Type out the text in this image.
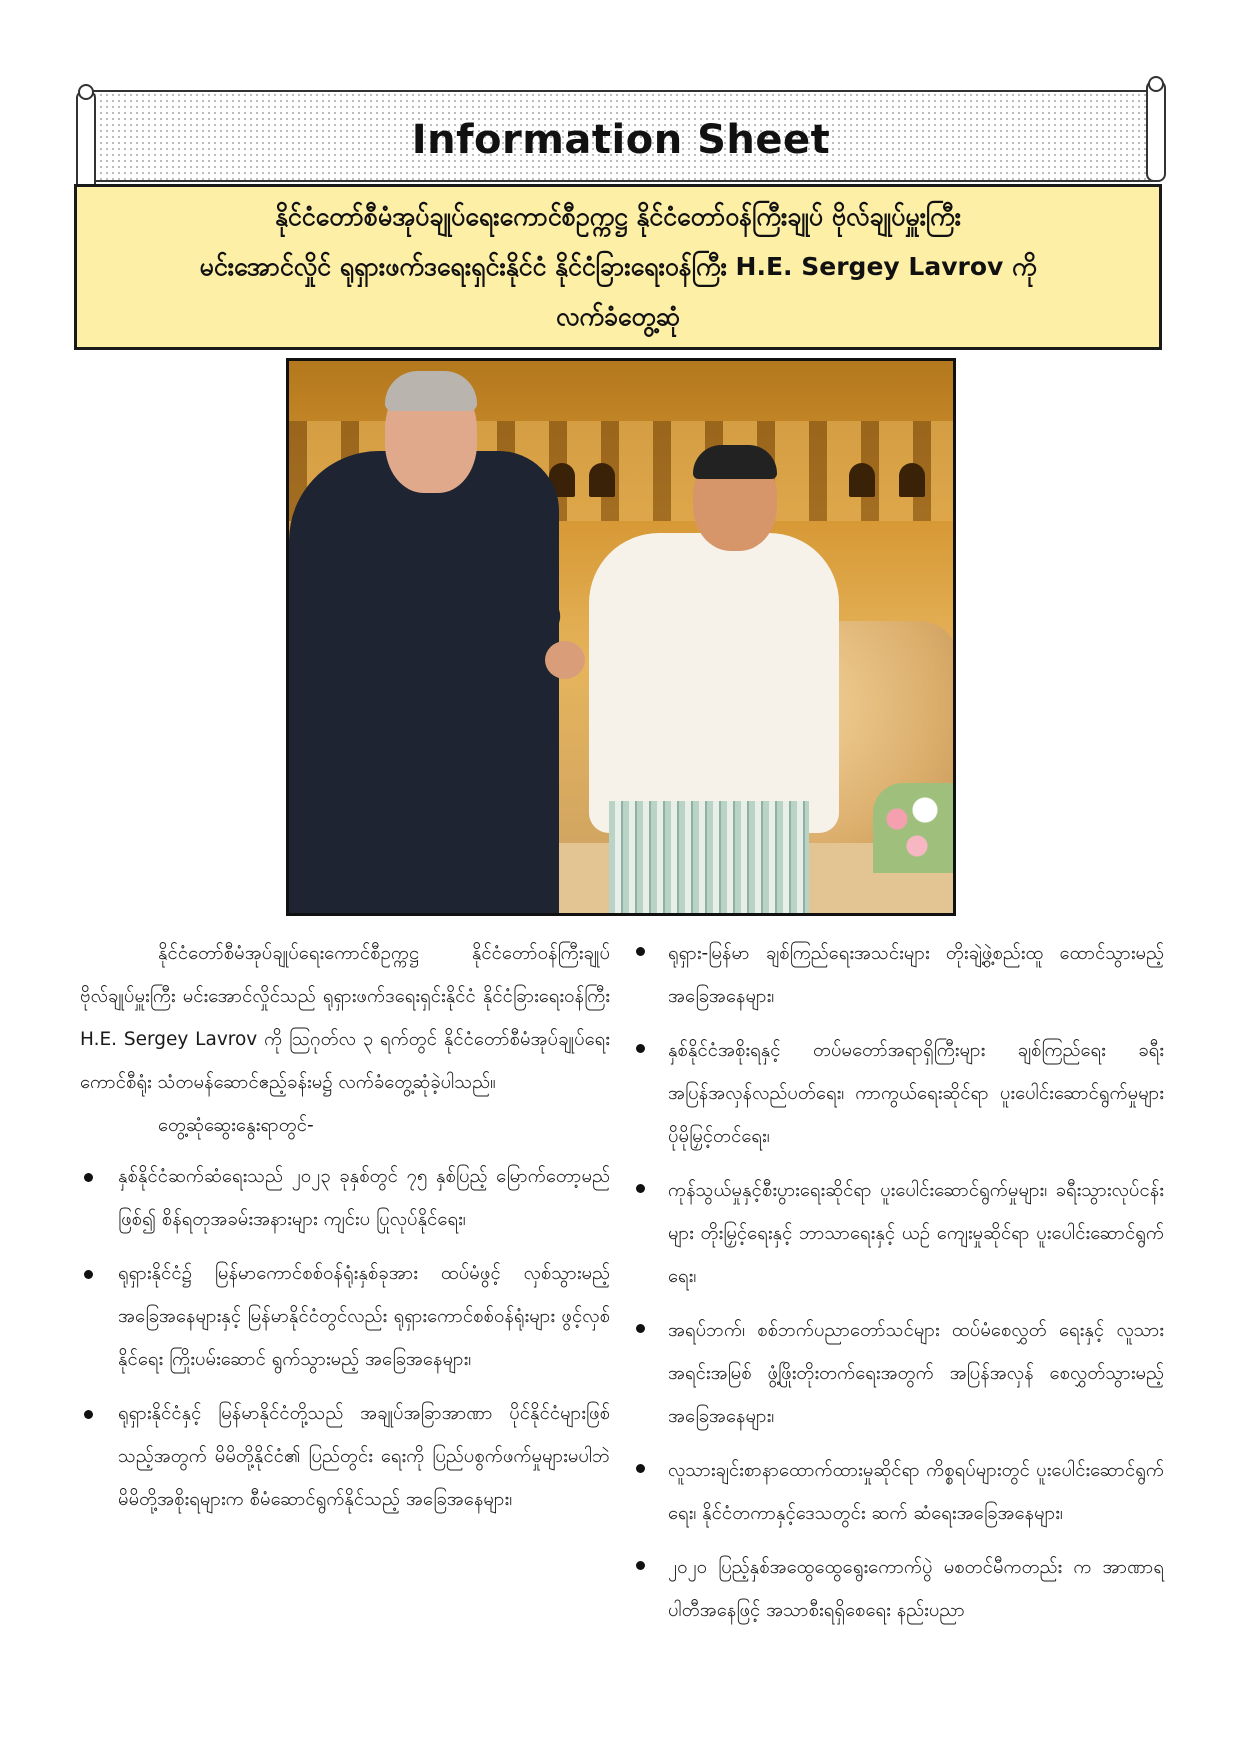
Information Sheet
နိုင်ငံတော်စီမံအုပ်ချုပ်ရေးကောင်စီဥက္ကဋ္ဌ နိုင်ငံတော်ဝန်ကြီးချုပ် ဗိုလ်ချုပ်မှူးကြီး
မင်းအောင်လှိုင် ရုရှားဖက်ဒရေးရှင်းနိုင်ငံ နိုင်ငံခြားရေးဝန်ကြီး H.E. Sergey Lavrov ကို
လက်ခံတွေ့ဆုံ

နိုင်ငံတော်စီမံအုပ်ချုပ်ရေးကောင်စီဥက္ကဋ္ဌ နိုင်ငံတော်ဝန်ကြီးချုပ် ဗိုလ်ချုပ်မှူးကြီး မင်းအောင်လှိုင်သည် ရုရှားဖက်ဒရေးရှင်းနိုင်ငံ နိုင်ငံခြားရေးဝန်ကြီး H.E. Sergey Lavrov ကို သြဂုတ်လ ၃ ရက်တွင် နိုင်ငံတော်စီမံအုပ်ချုပ်ရေးကောင်စီရုံး သံတမန်ဆောင်ဧည့်ခန်းမ၌ လက်ခံတွေ့ဆုံခဲ့ပါသည်။

တွေ့ဆုံဆွေးနွေးရာတွင်-

နှစ်နိုင်ငံဆက်ဆံရေးသည် ၂၀၂၃ ခုနှစ်တွင် ၇၅ နှစ်ပြည့် မြောက်တော့မည်ဖြစ်၍ စိန်ရတုအခမ်းအနားများ ကျင်းပ ပြုလုပ်နိုင်ရေး၊
ရုရှားနိုင်ငံ၌ မြန်မာကောင်စစ်ဝန်ရုံးနှစ်ခုအား ထပ်မံဖွင့် လှစ်သွားမည့်အခြေအနေများနှင့် မြန်မာနိုင်ငံတွင်လည်း ရုရှားကောင်စစ်ဝန်ရုံးများ ဖွင့်လှစ်နိုင်ရေး ကြိုးပမ်းဆောင် ရွက်သွားမည့် အခြေအနေများ၊
ရုရှားနိုင်ငံနှင့် မြန်မာနိုင်ငံတို့သည် အချုပ်အခြာအာဏာ ပိုင်နိုင်ငံများဖြစ်သည့်အတွက် မိမိတို့နိုင်ငံ၏ ပြည်တွင်း ရေးကို ပြည်ပစွက်ဖက်မှုများမပါဘဲ မိမိတို့အစိုးရများက စီမံဆောင်ရွက်နိုင်သည့် အခြေအနေများ၊
ရုရှား-မြန်မာ ချစ်ကြည်ရေးအသင်းများ တိုးချဲ့ဖွဲ့စည်းထူ ထောင်သွားမည့် အခြေအနေများ၊
နှစ်နိုင်ငံအစိုးရနှင့် တပ်မတော်အရာရှိကြီးများ ချစ်ကြည်ရေး ခရီး အပြန်အလှန်လည်ပတ်ရေး၊ ကာကွယ်ရေးဆိုင်ရာ ပူးပေါင်းဆောင်ရွက်မှုများ ပိုမိုမြှင့်တင်ရေး၊
ကုန်သွယ်မှုနှင့်စီးပွားရေးဆိုင်ရာ ပူးပေါင်းဆောင်ရွက်မှုများ၊ ခရီးသွားလုပ်ငန်းများ တိုးမြှင့်ရေးနှင့် ဘာသာရေးနှင့် ယဉ် ကျေးမှုဆိုင်ရာ ပူးပေါင်းဆောင်ရွက်ရေး၊
အရပ်ဘက်၊ စစ်ဘက်ပညာတော်သင်များ ထပ်မံစေလွှတ် ရေးနှင့် လူသားအရင်းအမြစ် ဖွံ့ဖြိုးတိုးတက်ရေးအတွက် အပြန်အလှန် စေလွှတ်သွားမည့် အခြေအနေများ၊
လူသားချင်းစာနာထောက်ထားမှုဆိုင်ရာ ကိစ္စရပ်များတွင် ပူးပေါင်းဆောင်ရွက်ရေး၊ နိုင်ငံတကာနှင့်ဒေသတွင်း ဆက် ဆံရေးအခြေအနေများ၊
၂၀၂၀ ပြည့်နှစ်အထွေထွေရွေးကောက်ပွဲ မစတင်မီကတည်း က အာဏာရပါတီအနေဖြင့် အသာစီးရရှိစေရေး နည်းပညာ
